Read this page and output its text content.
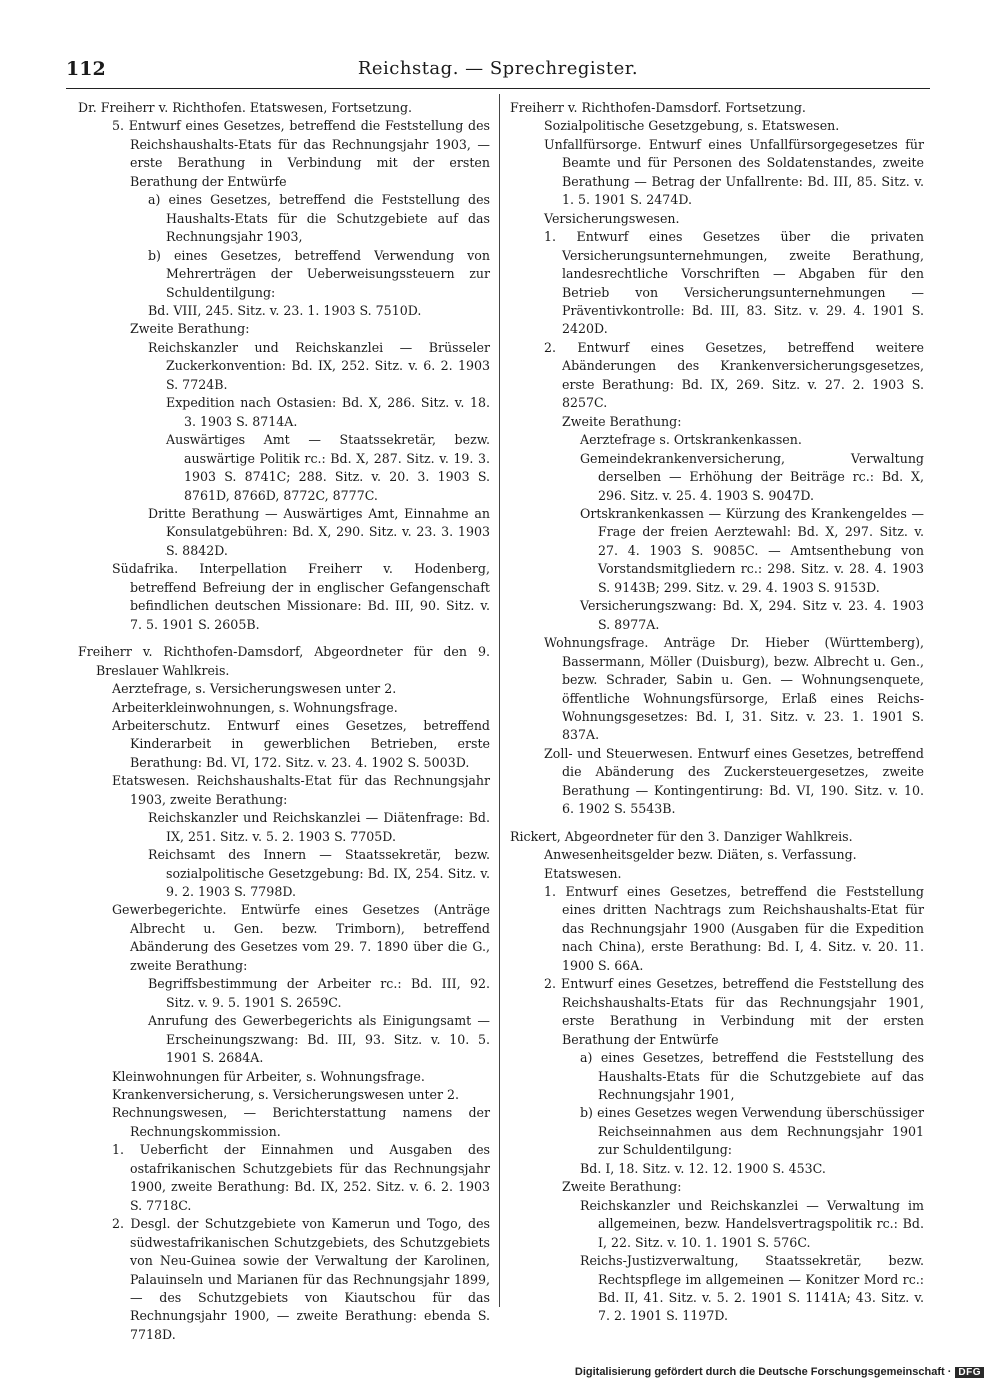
112	Reichstag. — Sprechregister.

Dr. Freiherr v. Richthofen. Etatswesen, Fortsetzung.

5. Entwurf eines Gesetzes, betreffend die Feststellung des Reichshaushalts-Etats für das Rechnungsjahr 1903, — erste Berathung in Verbindung mit der ersten Berathung der Entwürfe

a) eines Gesetzes, betreffend die Feststellung des Haushalts-Etats für die Schutzgebiete auf das Rechnungsjahr 1903,

b) eines Gesetzes, betreffend Verwendung von Mehrerträgen der Ueberweisungssteuern zur Schuldentilgung:

Bd. VIII, 245. Sitz. v. 23. 1. 1903 S. 7510D.

Zweite Berathung:

Reichskanzler und Reichskanzlei — Brüsseler Zuckerkonvention: Bd. IX, 252. Sitz. v. 6. 2. 1903 S. 7724B.

Expedition nach Ostasien: Bd. X, 286. Sitz. v. 18. 3. 1903 S. 8714A.

Auswärtiges Amt — Staatssekretär, bezw. auswärtige Politik rc.: Bd. X, 287. Sitz. v. 19. 3. 1903 S. 8741C; 288. Sitz. v. 20. 3. 1903 S. 8761D, 8766D, 8772C, 8777C.

Dritte Berathung — Auswärtiges Amt, Einnahme an Konsulatgebühren: Bd. X, 290. Sitz. v. 23. 3. 1903 S. 8842D.

Südafrika. Interpellation Freiherr v. Hodenberg, betreffend Befreiung der in englischer Gefangenschaft befindlichen deutschen Missionare: Bd. III, 90. Sitz. v. 7. 5. 1901 S. 2605B.

Freiherr v. Richthofen-Damsdorf, Abgeordneter für den 9. Breslauer Wahlkreis.

Aerztefrage, s. Versicherungswesen unter 2.

Arbeiterkleinwohnungen, s. Wohnungsfrage.

Arbeiterschutz. Entwurf eines Gesetzes, betreffend Kinderarbeit in gewerblichen Betrieben, erste Berathung: Bd. VI, 172. Sitz. v. 23. 4. 1902 S. 5003D.

Etatswesen. Reichshaushalts-Etat für das Rechnungsjahr 1903, zweite Berathung:

Reichskanzler und Reichskanzlei — Diätenfrage: Bd. IX, 251. Sitz. v. 5. 2. 1903 S. 7705D.

Reichsamt des Innern — Staatssekretär, bezw. sozialpolitische Gesetzgebung: Bd. IX, 254. Sitz. v. 9. 2. 1903 S. 7798D.

Gewerbegerichte. Entwürfe eines Gesetzes (Anträge Albrecht u. Gen. bezw. Trimborn), betreffend Abänderung des Gesetzes vom 29. 7. 1890 über die G., zweite Berathung:

Begriffsbestimmung der Arbeiter rc.: Bd. III, 92. Sitz. v. 9. 5. 1901 S. 2659C.

Anrufung des Gewerbegerichts als Einigungsamt — Erscheinungszwang: Bd. III, 93. Sitz. v. 10. 5. 1901 S. 2684A.

Kleinwohnungen für Arbeiter, s. Wohnungsfrage.

Krankenversicherung, s. Versicherungswesen unter 2.

Rechnungswesen, — Berichterstattung namens der Rechnungskommission.

1. Ueberficht der Einnahmen und Ausgaben des ostafrikanischen Schutzgebiets für das Rechnungsjahr 1900, zweite Berathung: Bd. IX, 252. Sitz. v. 6. 2. 1903 S. 7718C.

2. Desgl. der Schutzgebiete von Kamerun und Togo, des südwestafrikanischen Schutzgebiets, des Schutzgebiets von Neu-Guinea sowie der Verwaltung der Karolinen, Palauinseln und Marianen für das Rechnungsjahr 1899, — des Schutzgebiets von Kiautschou für das Rechnungsjahr 1900, — zweite Berathung: ebenda S. 7718D.

Freiherr v. Richthofen-Damsdorf. Fortsetzung.

Sozialpolitische Gesetzgebung, s. Etatswesen.

Unfallfürsorge. Entwurf eines Unfallfürsorgegesetzes für Beamte und für Personen des Soldatenstandes, zweite Berathung — Betrag der Unfallrente: Bd. III, 85. Sitz. v. 1. 5. 1901 S. 2474D.

Versicherungswesen.

1. Entwurf eines Gesetzes über die privaten Versicherungsunternehmungen, zweite Berathung, landesrechtliche Vorschriften — Abgaben für den Betrieb von Versicherungsunternehmungen — Präventivkontrolle: Bd. III, 83. Sitz. v. 29. 4. 1901 S. 2420D.

2. Entwurf eines Gesetzes, betreffend weitere Abänderungen des Krankenversicherungsgesetzes, erste Berathung: Bd. IX, 269. Sitz. v. 27. 2. 1903 S. 8257C.

Zweite Berathung:

Aerztefrage s. Ortskrankenkassen.

Gemeindekrankenversicherung, Verwaltung derselben — Erhöhung der Beiträge rc.: Bd. X, 296. Sitz. v. 25. 4. 1903 S. 9047D.

Ortskrankenkassen — Kürzung des Krankengeldes — Frage der freien Aerztewahl: Bd. X, 297. Sitz. v. 27. 4. 1903 S. 9085C. — Amtsenthebung von Vorstandsmitgliedern rc.: 298. Sitz. v. 28. 4. 1903 S. 9143B; 299. Sitz. v. 29. 4. 1903 S. 9153D.

Versicherungszwang: Bd. X, 294. Sitz v. 23. 4. 1903 S. 8977A.

Wohnungsfrage. Anträge Dr. Hieber (Württemberg), Bassermann, Möller (Duisburg), bezw. Albrecht u. Gen., bezw. Schrader, Sabin u. Gen. — Wohnungsenquete, öffentliche Wohnungsfürsorge, Erlaß eines Reichs-Wohnungsgesetzes: Bd. I, 31. Sitz. v. 23. 1. 1901 S. 837A.

Zoll- und Steuerwesen. Entwurf eines Gesetzes, betreffend die Abänderung des Zuckersteuergesetzes, zweite Berathung — Kontingentirung: Bd. VI, 190. Sitz. v. 10. 6. 1902 S. 5543B.

Rickert, Abgeordneter für den 3. Danziger Wahlkreis.

Anwesenheitsgelder bezw. Diäten, s. Verfassung.

Etatswesen.

1. Entwurf eines Gesetzes, betreffend die Feststellung eines dritten Nachtrags zum Reichshaushalts-Etat für das Rechnungsjahr 1900 (Ausgaben für die Expedition nach China), erste Berathung: Bd. I, 4. Sitz. v. 20. 11. 1900 S. 66A.

2. Entwurf eines Gesetzes, betreffend die Feststellung des Reichshaushalts-Etats für das Rechnungsjahr 1901, erste Berathung in Verbindung mit der ersten Berathung der Entwürfe

a) eines Gesetzes, betreffend die Feststellung des Haushalts-Etats für die Schutzgebiete auf das Rechnungsjahr 1901,

b) eines Gesetzes wegen Verwendung überschüssiger Reichseinnahmen aus dem Rechnungsjahr 1901 zur Schuldentilgung:

Bd. I, 18. Sitz. v. 12. 12. 1900 S. 453C.

Zweite Berathung:

Reichskanzler und Reichskanzlei — Verwaltung im allgemeinen, bezw. Handelsvertragspolitik rc.: Bd. I, 22. Sitz. v. 10. 1. 1901 S. 576C.

Reichs-Justizverwaltung, Staatssekretär, bezw. Rechtspflege im allgemeinen — Konitzer Mord rc.: Bd. II, 41. Sitz. v. 5. 2. 1901 S. 1141A; 43. Sitz. v. 7. 2. 1901 S. 1197D.

Digitalisierung gefördert durch die Deutsche Forschungsgemeinschaft · DFG
